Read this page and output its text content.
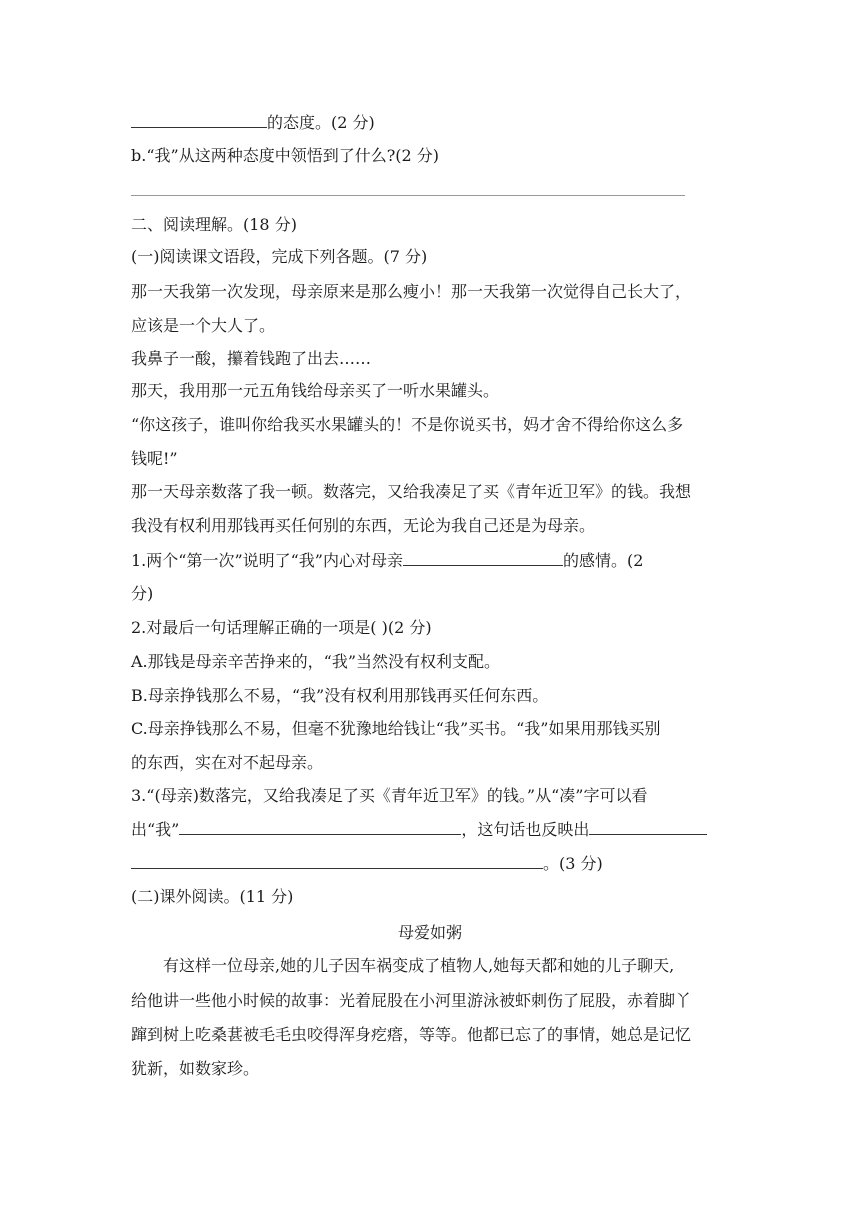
的态度。(2 分)
b.“我”从这两种态度中领悟到了什么?(2 分)
二、阅读理解。(18 分)
(一)阅读课文语段，完成下列各题。(7 分)
那一天我第一次发现，母亲原来是那么瘦小！那一天我第一次觉得自己长大了，
应该是一个大人了。
我鼻子一酸，攥着钱跑了出去……
那天，我用那一元五角钱给母亲买了一听水果罐头。
“你这孩子，谁叫你给我买水果罐头的！不是你说买书，妈才舍不得给你这么多
钱呢!”
那一天母亲数落了我一顿。数落完，又给我凑足了买《青年近卫军》的钱。我想
我没有权利用那钱再买任何别的东西，无论为我自己还是为母亲。
1.两个“第一次”说明了“我”内心对母亲	的感情。(2
分)
2.对最后一句话理解正确的一项是( )(2 分)
A.那钱是母亲辛苦挣来的，“我”当然没有权利支配。
B.母亲挣钱那么不易，“我”没有权利用那钱再买任何东西。
C.母亲挣钱那么不易，但毫不犹豫地给钱让“我”买书。“我”如果用那钱买别
的东西，实在对不起母亲。
3.“(母亲)数落完，又给我凑足了买《青年近卫军》的钱。”从“凑”字可以看
出“我”	，这句话也反映出
。(3 分)
(二)课外阅读。(11 分)
母爱如粥
有这样一位母亲,她的儿子因车祸变成了植物人,她每天都和她的儿子聊天,
给他讲一些他小时候的故事：光着屁股在小河里游泳被虾刺伤了屁股，赤着脚丫
蹿到树上吃桑葚被毛毛虫咬得浑身疙瘩，等等。他都已忘了的事情，她总是记忆
犹新，如数家珍。
